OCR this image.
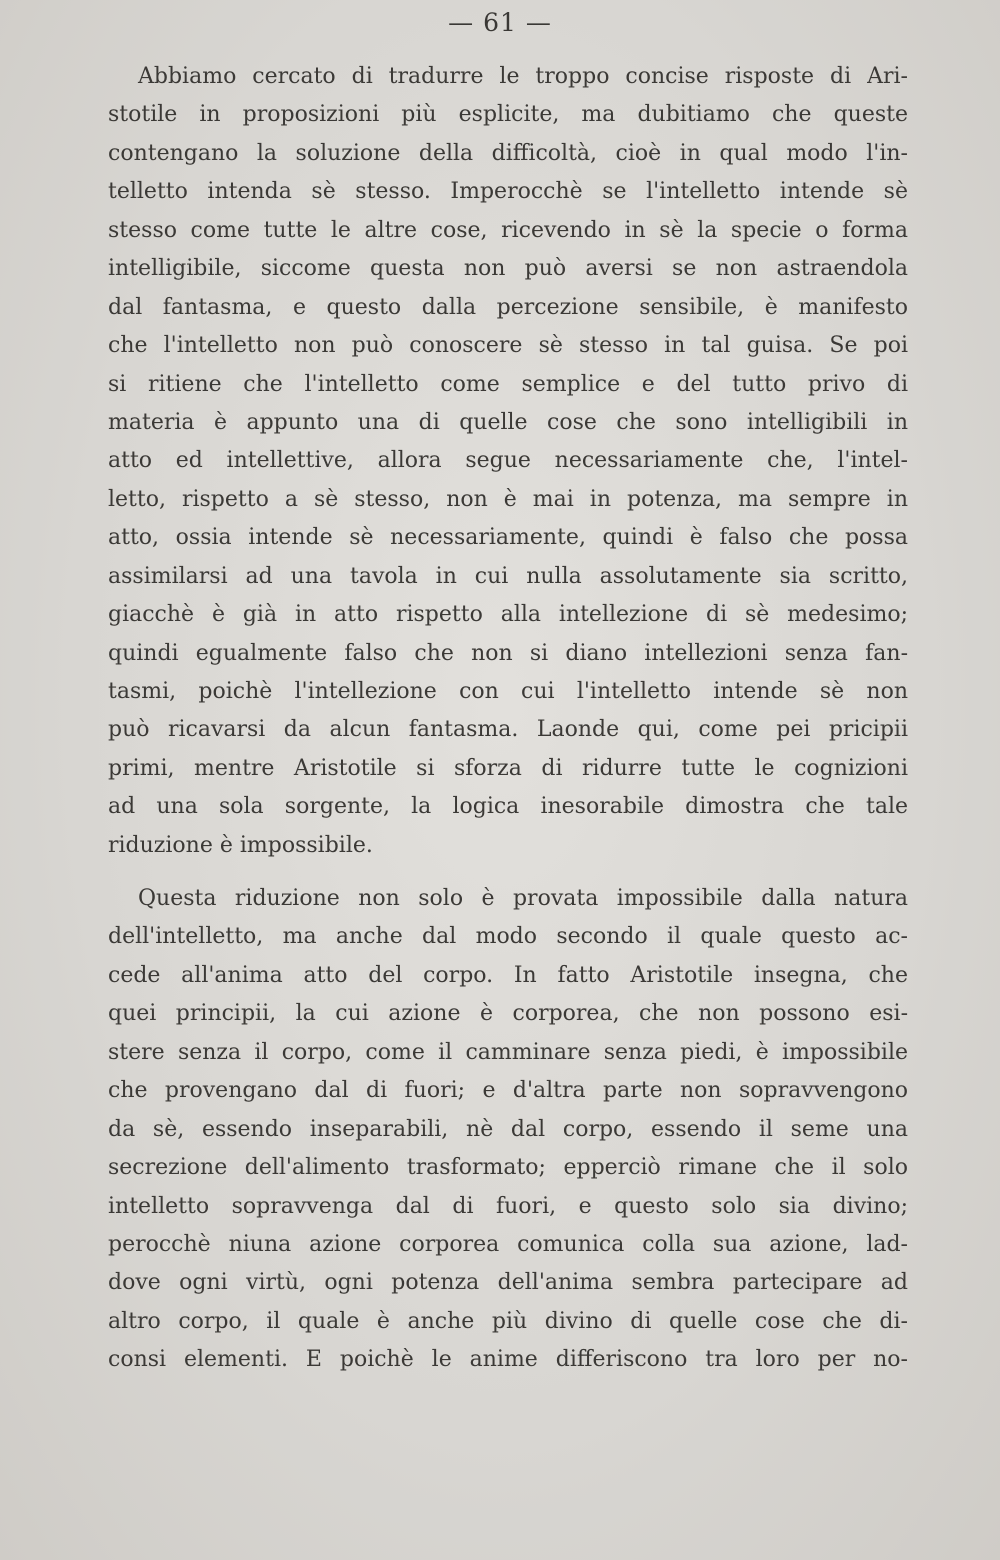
— 61 —
Abbiamo cercato di tradurre le troppo concise risposte di Ari-
stotile in proposizioni più esplicite, ma dubitiamo che queste
contengano la soluzione della difficoltà, cioè in qual modo l'in-
telletto intenda sè stesso. Imperocchè se l'intelletto intende sè
stesso come tutte le altre cose, ricevendo in sè la specie o forma
intelligibile, siccome questa non può aversi se non astraendola
dal fantasma, e questo dalla percezione sensibile, è manifesto
che l'intelletto non può conoscere sè stesso in tal guisa. Se poi
si ritiene che l'intelletto come semplice e del tutto privo di
materia è appunto una di quelle cose che sono intelligibili in
atto ed intellettive, allora segue necessariamente che, l'intel-
letto, rispetto a sè stesso, non è mai in potenza, ma sempre in
atto, ossia intende sè necessariamente, quindi è falso che possa
assimilarsi ad una tavola in cui nulla assolutamente sia scritto,
giacchè è già in atto rispetto alla intellezione di sè medesimo;
quindi egualmente falso che non si diano intellezioni senza fan-
tasmi, poichè l'intellezione con cui l'intelletto intende sè non
può ricavarsi da alcun fantasma. Laonde qui, come pei pricipii
primi, mentre Aristotile si sforza di ridurre tutte le cognizioni
ad una sola sorgente, la logica inesorabile dimostra che tale
riduzione è impossibile.
Questa riduzione non solo è provata impossibile dalla natura
dell'intelletto, ma anche dal modo secondo il quale questo ac-
cede all'anima atto del corpo. In fatto Aristotile insegna, che
quei principii, la cui azione è corporea, che non possono esi-
stere senza il corpo, come il camminare senza piedi, è impossibile
che provengano dal di fuori; e d'altra parte non sopravvengono
da sè, essendo inseparabili, nè dal corpo, essendo il seme una
secrezione dell'alimento trasformato; epperciò rimane che il solo
intelletto sopravvenga dal di fuori, e questo solo sia divino;
perocchè niuna azione corporea comunica colla sua azione, lad-
dove ogni virtù, ogni potenza dell'anima sembra partecipare ad
altro corpo, il quale è anche più divino di quelle cose che di-
consi elementi. E poichè le anime differiscono tra loro per no-
